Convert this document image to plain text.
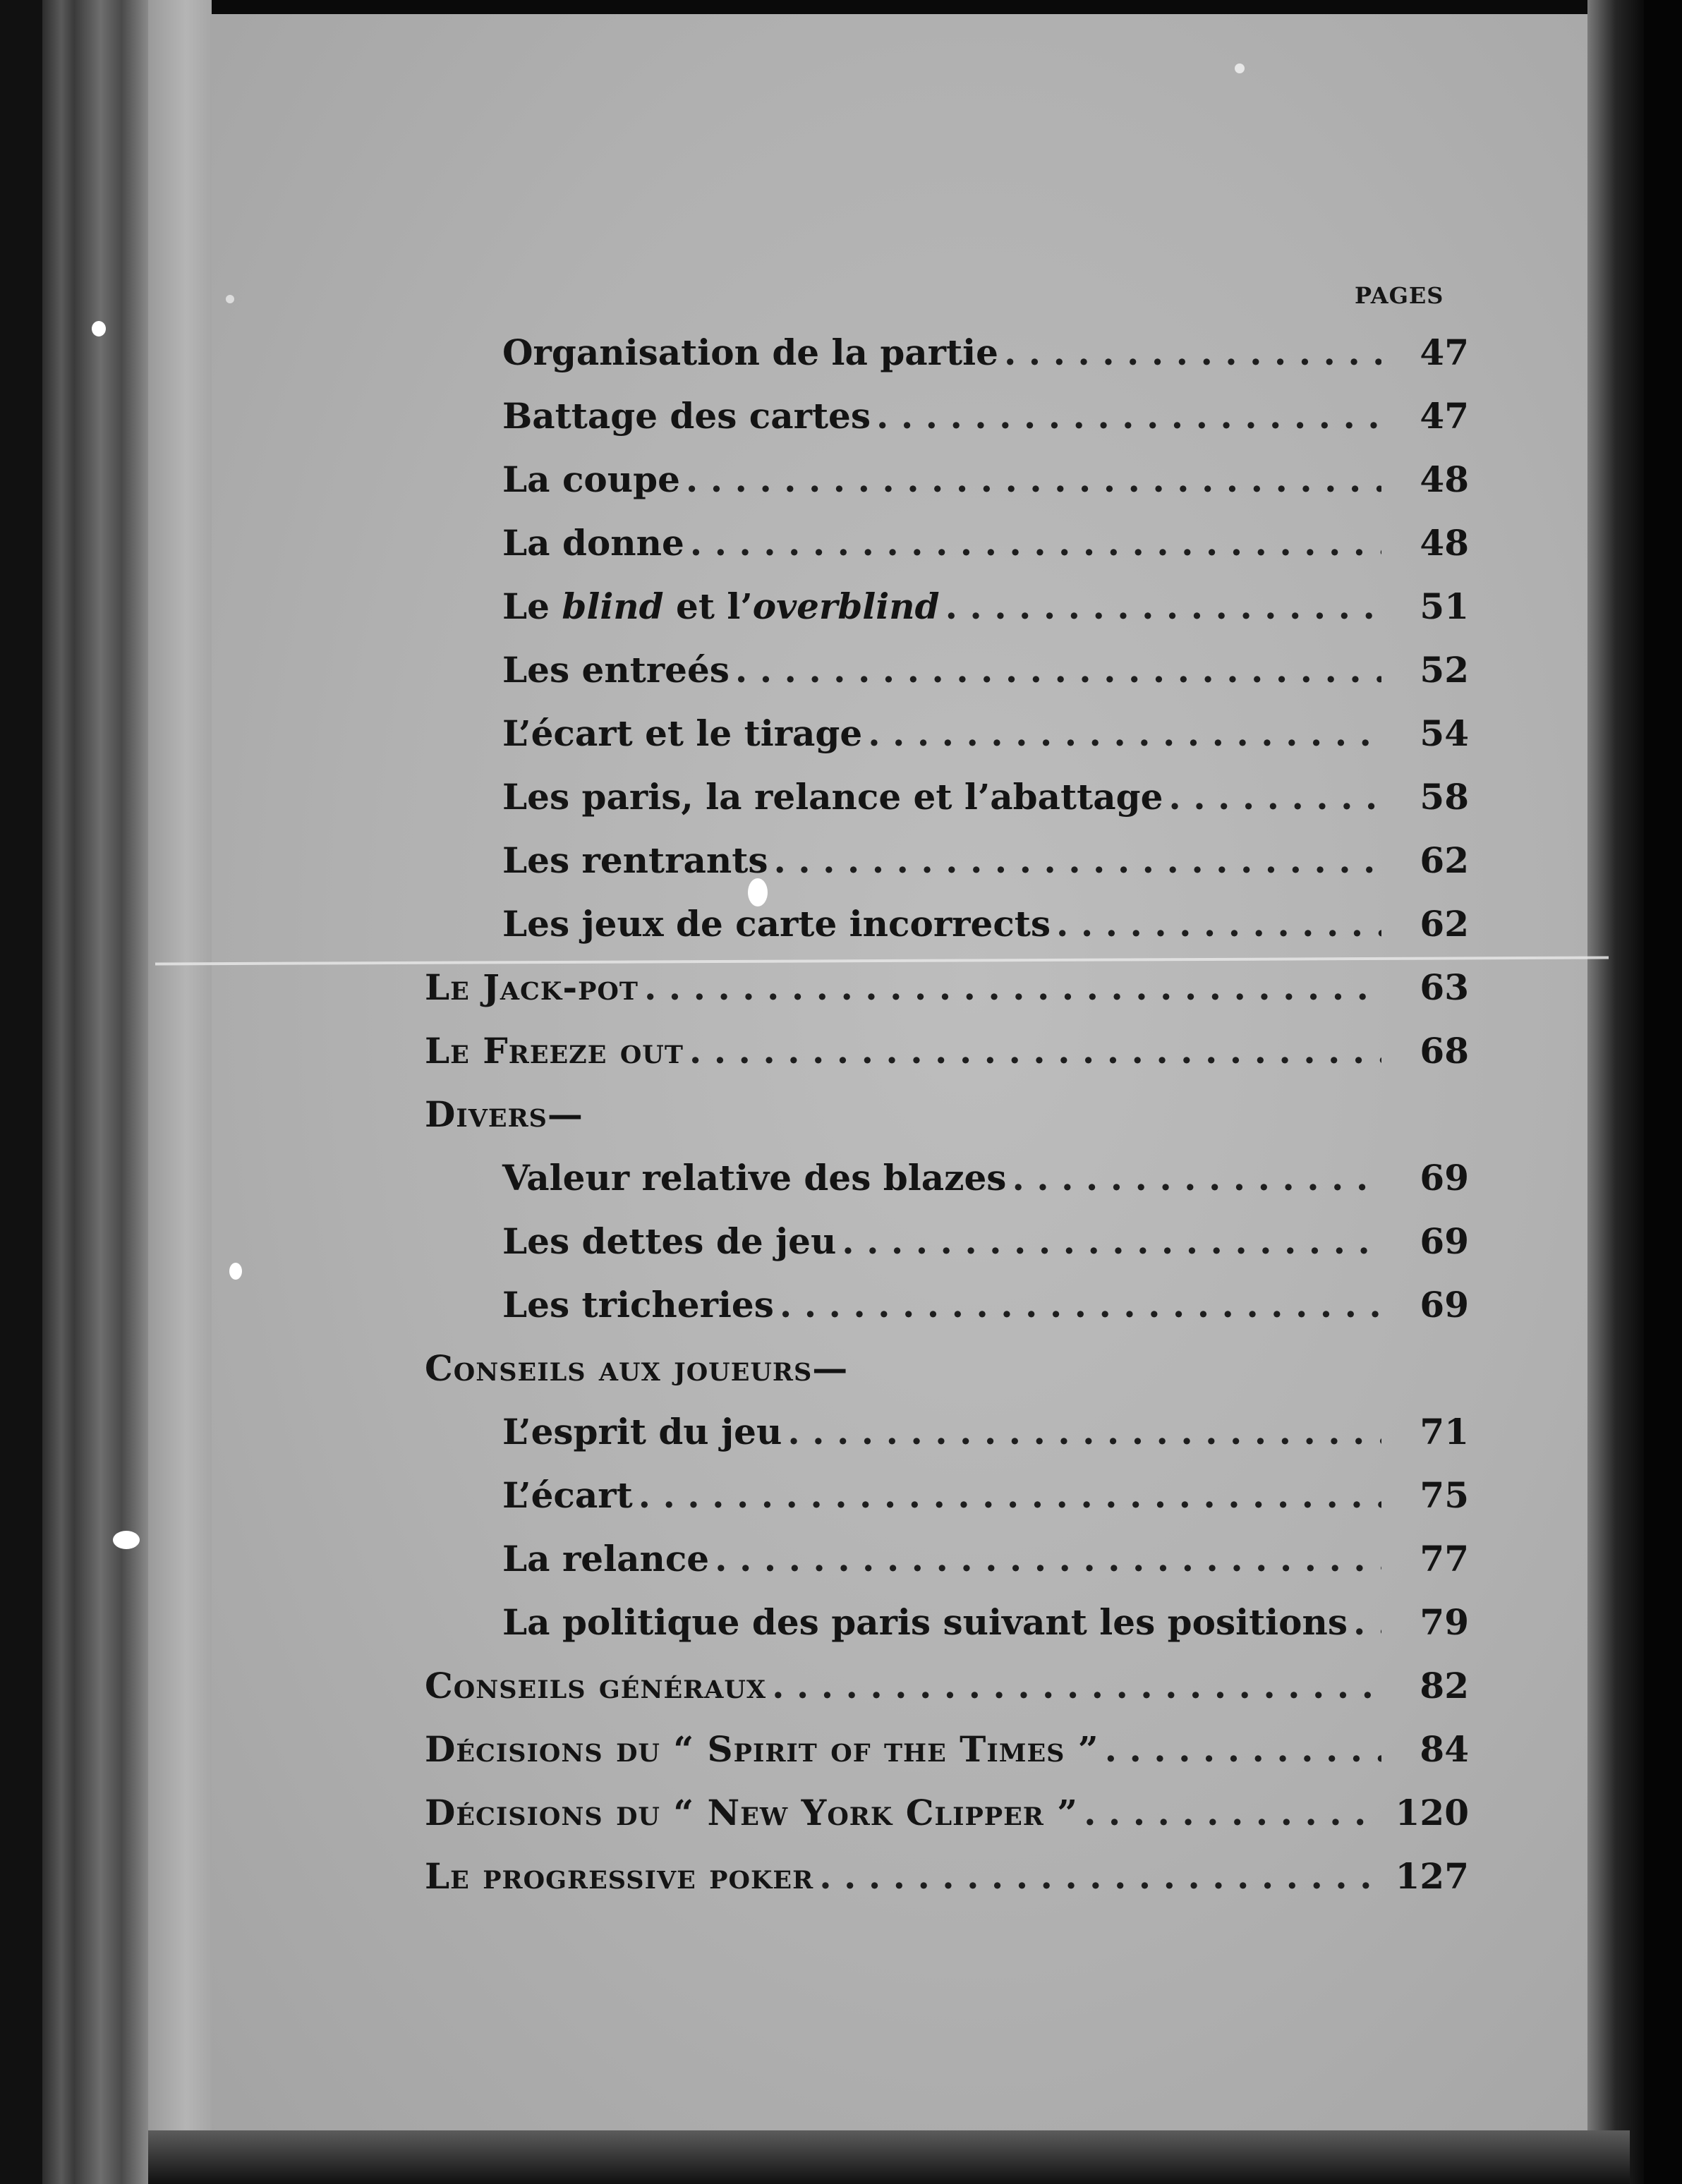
PAGES
Organisation de la partie . . .	47
Battage des cartes . . .	47
La coupe . . .	48
La donne . . .	48
Le blind et l’overblind . . .	51
Les entreés . . .	52
L’écart et le tirage . . .	54
Les paris, la relance et l’abattage . . .	58
Les rentrants . . .	62
Les jeux de carte incorrects . . .	62
Le Jack-pot . . .	63
Le Freeze out . . .	68
Divers—
Valeur relative des blazes . . .	69
Les dettes de jeu . . .	69
Les tricheries . . .	69
Conseils aux joueurs—
L’esprit du jeu . . .	71
L’écart . . .	75
La relance . . .	77
La politique des paris suivant les positions . . .	79
Conseils généraux . . .	82
Décisions du “ Spirit of the Times ” . . .	84
Décisions du “ New York Clipper ” . . .	120
Le progressive poker . . .	127
